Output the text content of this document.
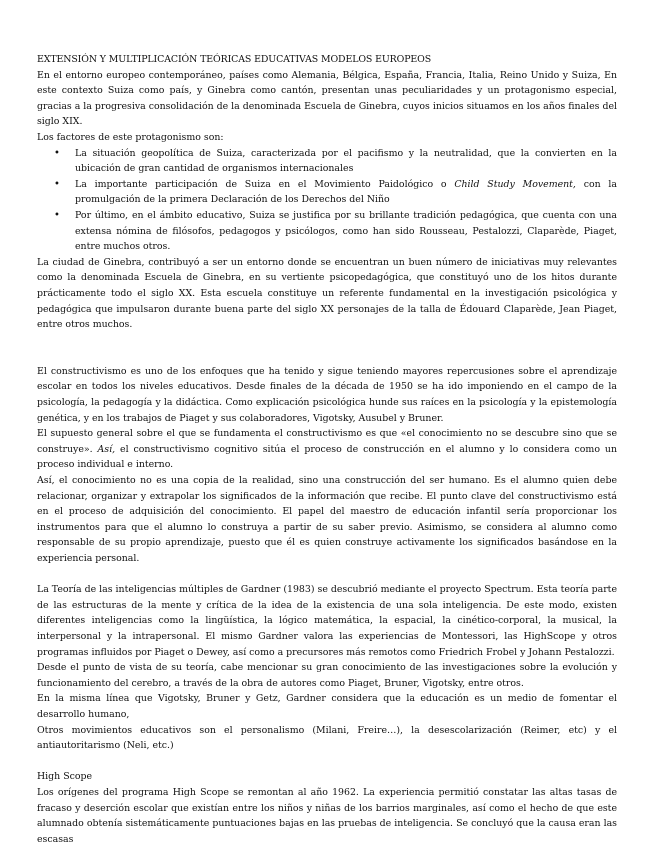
EXTENSIÓN Y MULTIPLICACIÓN TEÓRICAS EDUCATIVAS MODELOS EUROPEOS

En el entorno europeo contemporáneo, países como Alemania, Bélgica, España, Francia, Italia, Reino Unido y Suiza, En este contexto Suiza como país, y Ginebra como cantón, presentan unas peculiaridades y un protagonismo especial, gracias a la progresiva consolidación de la denominada Escuela de Ginebra, cuyos inicios situamos en los años finales del siglo XIX.

Los factores de este protagonismo son:

• La situación geopolítica de Suiza, caracterizada por el pacifismo y la neutralidad, que la convierten en la ubicación de gran cantidad de organismos internacionales
• La importante participación de Suiza en el Movimiento Paidológico o Child Study Movement, con la promulgación de la primera Declaración de los Derechos del Niño
• Por último, en el ámbito educativo, Suiza se justifica por su brillante tradición pedagógica, que cuenta con una extensa nómina de filósofos, pedagogos y psicólogos, como han sido Rousseau, Pestalozzi, Claparède, Piaget, entre muchos otros.

La ciudad de Ginebra, contribuyó a ser un entorno donde se encuentran un buen número de iniciativas muy relevantes como la denominada Escuela de Ginebra, en su vertiente psicopedagógica, que constituyó uno de los hitos durante prácticamente todo el siglo XX. Esta escuela constituye un referente fundamental en la investigación psicológica y pedagógica que impulsaron durante buena parte del siglo XX personajes de la talla de Édouard Claparède, Jean Piaget, entre otros muchos.

El constructivismo es uno de los enfoques que ha tenido y sigue teniendo mayores repercusiones sobre el aprendizaje escolar en todos los niveles educativos. Desde finales de la década de 1950 se ha ido imponiendo en el campo de la psicología, la pedagogía y la didáctica. Como explicación psicológica hunde sus raíces en la psicología y la epistemología genética, y en los trabajos de Piaget y sus colaboradores, Vigotsky, Ausubel y Bruner.

El supuesto general sobre el que se fundamenta el constructivismo es que «el conocimiento no se descubre sino que se construye». Así, el constructivismo cognitivo sitúa el proceso de construcción en el alumno y lo considera como un proceso individual e interno.

Así, el conocimiento no es una copia de la realidad, sino una construcción del ser humano. Es el alumno quien debe relacionar, organizar y extrapolar los significados de la información que recibe. El punto clave del constructivismo está en el proceso de adquisición del conocimiento. El papel del maestro de educación infantil sería proporcionar los instrumentos para que el alumno lo construya a partir de su saber previo. Asimismo, se considera al alumno como responsable de su propio aprendizaje, puesto que él es quien construye activamente los significados basándose en la experiencia personal.

La Teoría de las inteligencias múltiples de Gardner (1983) se descubrió mediante el proyecto Spectrum. Esta teoría parte de las estructuras de la mente y crítica de la idea de la existencia de una sola inteligencia. De este modo, existen diferentes inteligencias como la lingüística, la lógico matemática, la espacial, la cinético-corporal, la musical, la interpersonal y la intrapersonal. El mismo Gardner valora las experiencias de Montessori, las HighScope y otros programas influidos por Piaget o Dewey, así como a precursores más remotos como Friedrich Frobel y Johann Pestalozzi.

Desde el punto de vista de su teoría, cabe mencionar su gran conocimiento de las investigaciones sobre la evolución y funcionamiento del cerebro, a través de la obra de autores como Piaget, Bruner, Vigotsky, entre otros.

En la misma línea que Vigotsky, Bruner y Getz, Gardner considera que la educación es un medio de fomentar el desarrollo humano,

Otros movimientos educativos son el personalismo (Milani, Freire…), la desescolarización (Reimer, etc) y el antiautoritarismo (Neli, etc.)

High Scope

Los orígenes del programa High Scope se remontan al año 1962. La experiencia permitió constatar las altas tasas de fracaso y deserción escolar que existían entre los niños y niñas de los barrios marginales, así como el hecho de que este alumnado obtenía sistemáticamente puntuaciones bajas en las pruebas de inteligencia. Se concluyó que la causa eran las escasas
